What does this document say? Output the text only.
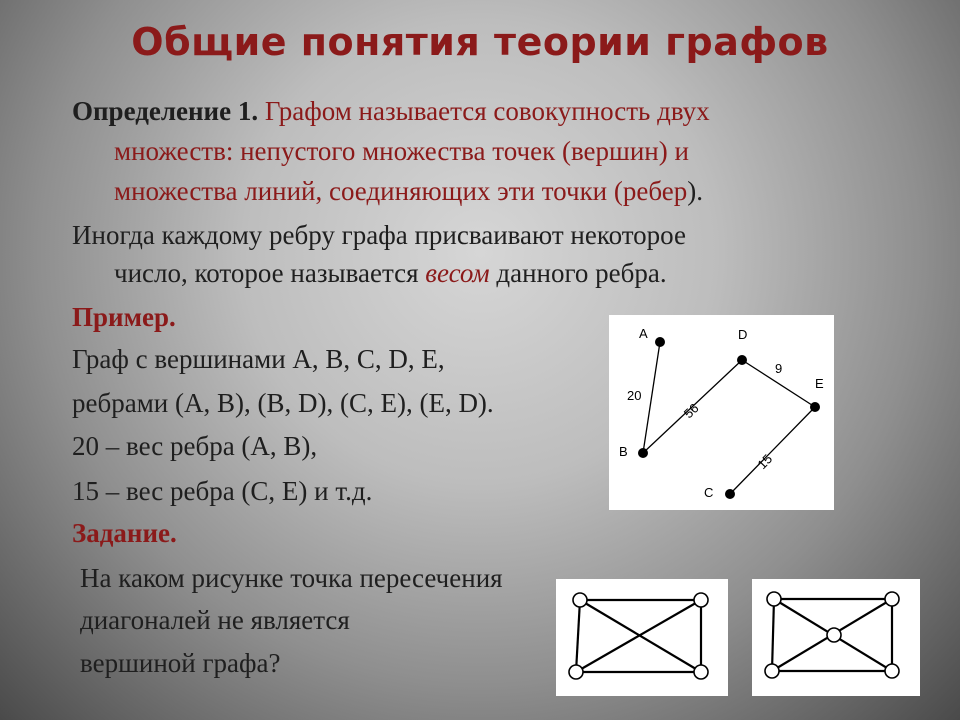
Общие понятия теории графов
Определение 1. Графом называется совокупность двух
множеств: непустого множества точек (вершин) и
множества линий, соединяющих эти точки (ребер).
Иногда каждому ребру графа присваивают некоторое
число, которое называется весом данного ребра.
Пример.
Граф с вершинами A, B, C, D, E,
ребрами (A, B), (B, D), (C, E), (E, D).
20 – вес ребра (A, B),
15 – вес ребра (C, E) и т.д.
Задание.
На каком рисунке точка пересечения
диагоналей не является
вершиной графа?
A
B
C
D
E
20
56
9
15
